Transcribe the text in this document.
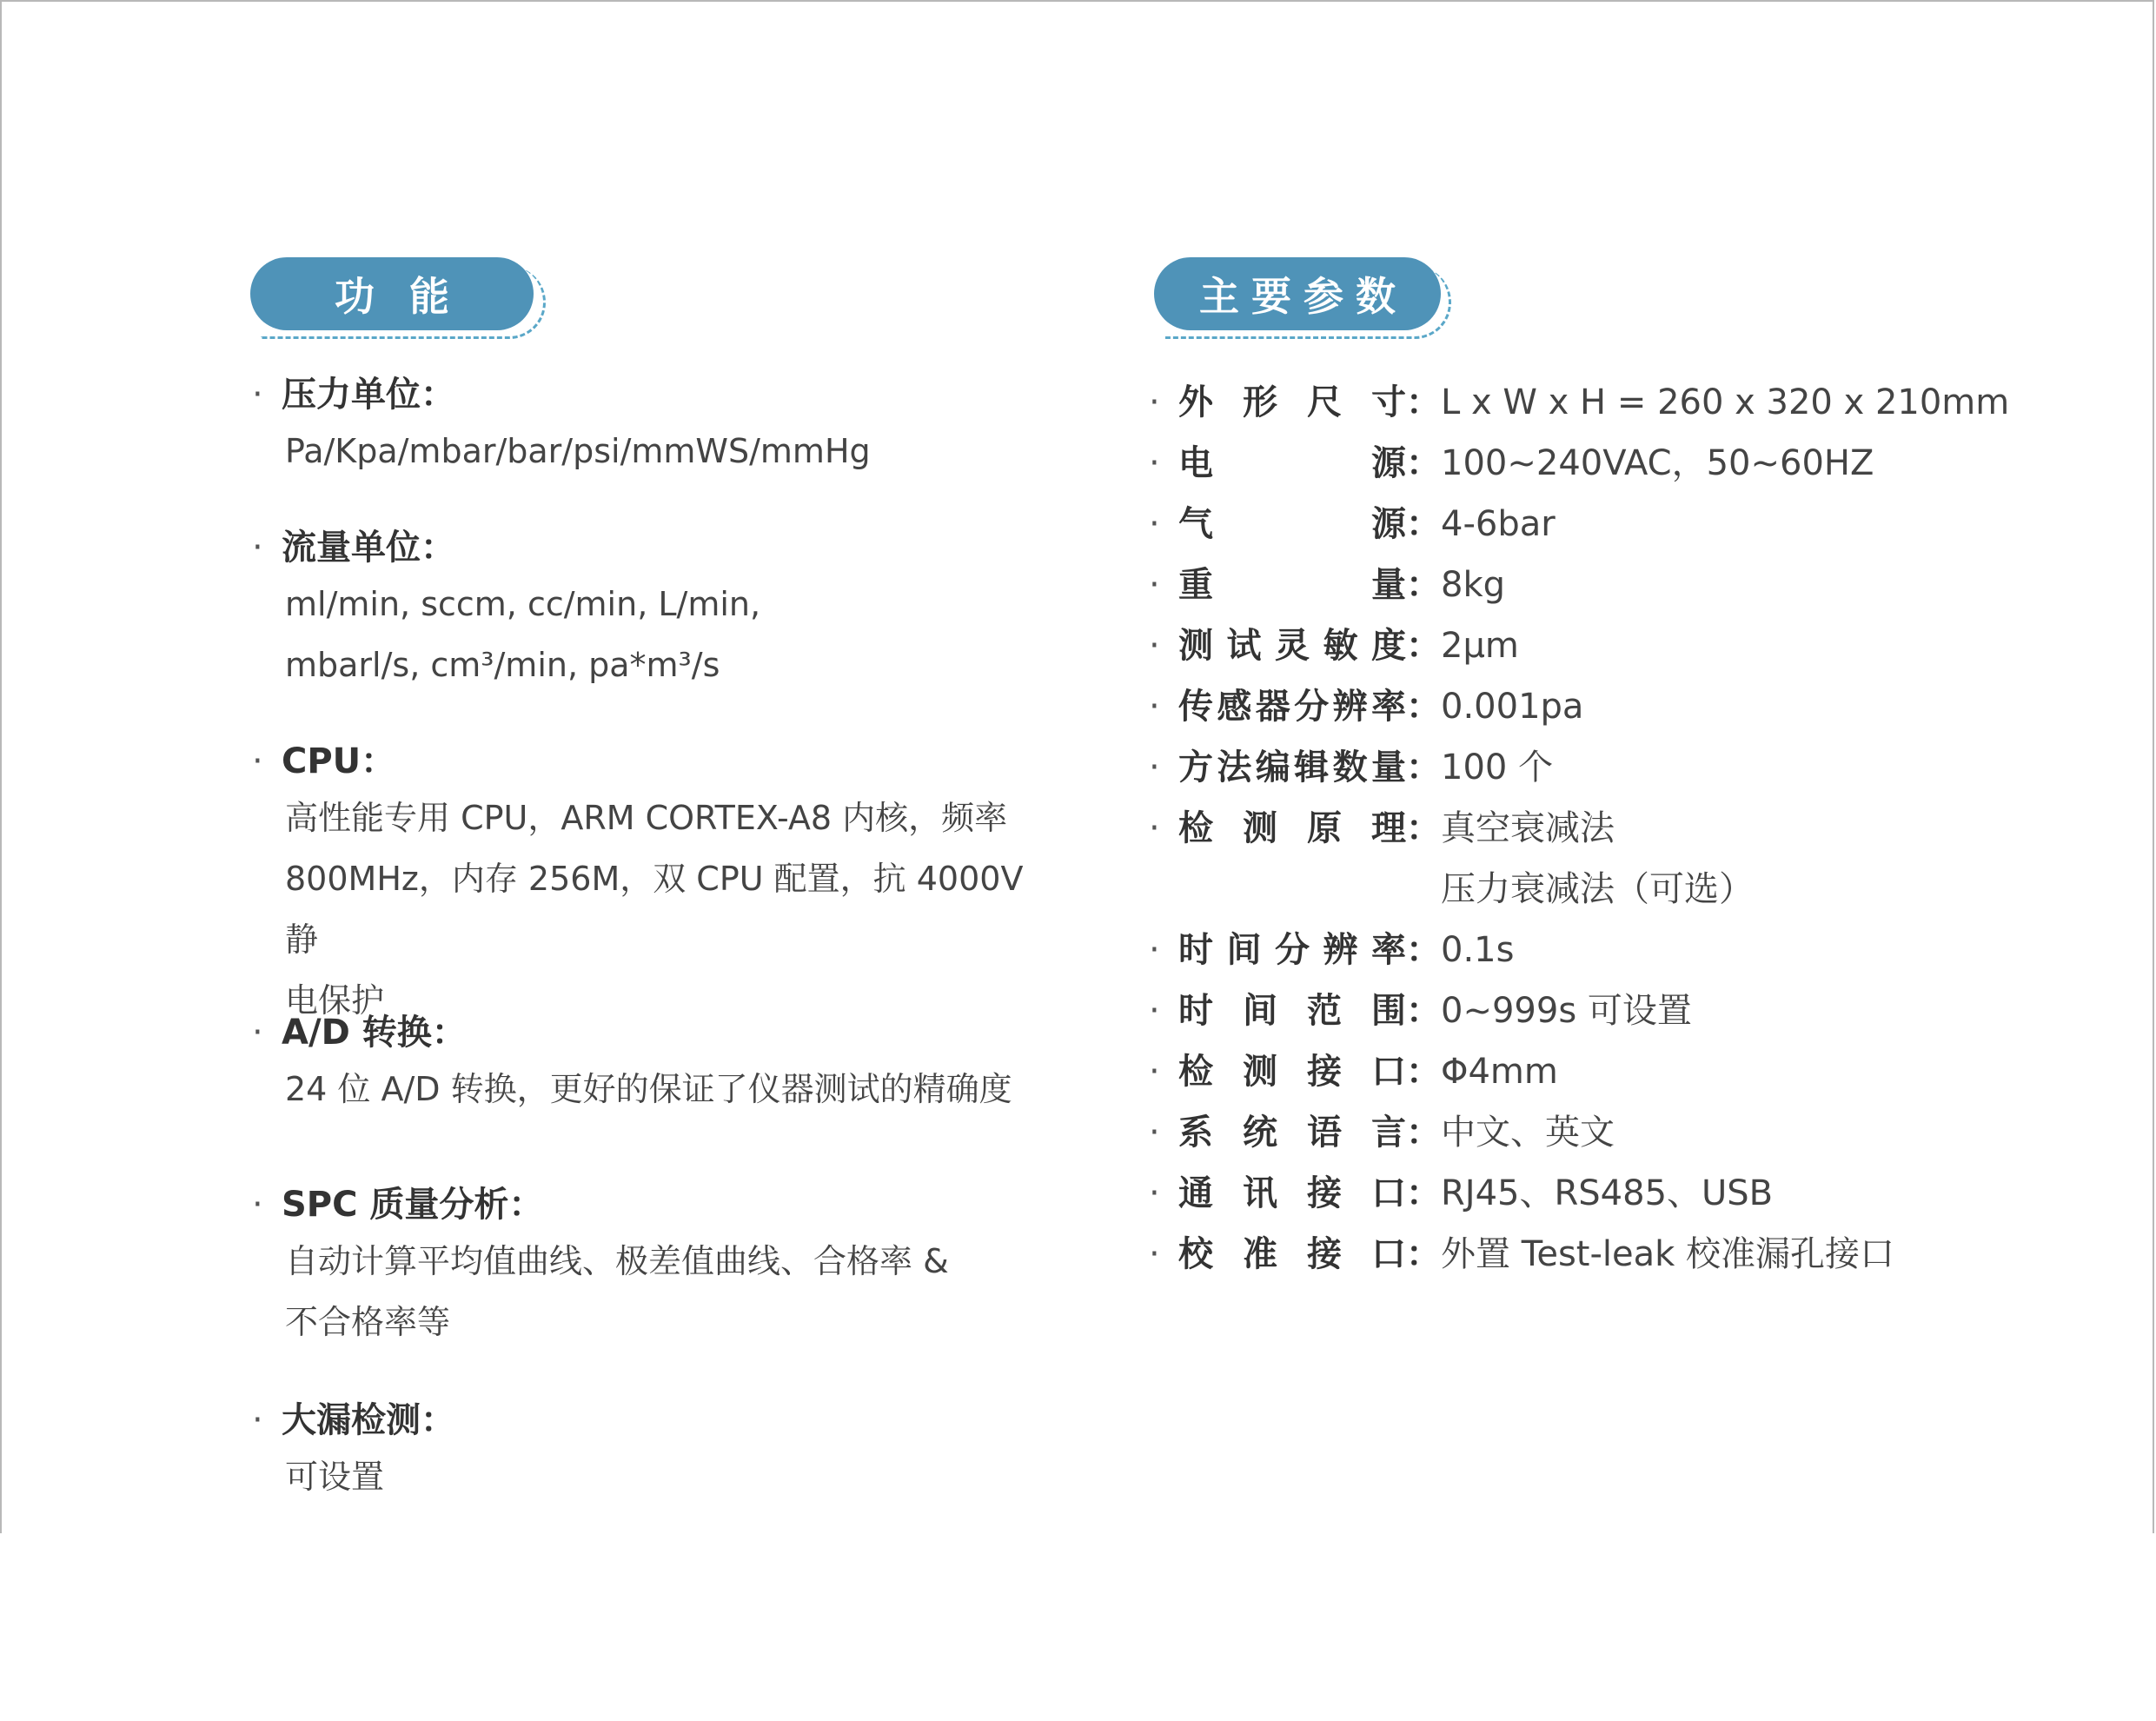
功能	主要参数
· 压力单位：
Pa/Kpa/mbar/bar/psi/mmWS/mmHg
· 流量单位：
ml/min, sccm, cc/min, L/min,
mbarl/s, cm³/min, pa*m³/s
· CPU：
高性能专用 CPU，ARM CORTEX-A8 内核，频率
800MHz，内存 256M，双 CPU 配置，抗 4000V 静
电保护
· A/D 转换：
24 位 A/D 转换，更好的保证了仪器测试的精确度
· SPC 质量分析：
自动计算平均值曲线、极差值曲线、合格率 &
不合格率等
· 大漏检测：
可设置
· 外 形 尺 寸 ： L x W x H = 260 x 320 x 210mm
· 电	源 ： 100~240VAC，50~60HZ
· 气	源 ： 4-6bar
· 重	量 ： 8kg
· 测 试 灵 敏 度 ： 2μm
· 传 感 器 分 辨 率 ： 0.001pa
· 方 法 编 辑 数 量 ： 100 个
· 检 测 原 理 ： 真空衰减法
压力衰减法（可选）
· 时 间 分 辨 率 ： 0.1s
· 时 间 范 围 ： 0~999s 可设置
· 检 测 接 口 ： Φ4mm
· 系 统 语 言 ： 中文、英文
· 通 讯 接 口 ： RJ45、RS485、USB
· 校 准 接 口 ： 外置 Test-leak 校准漏孔接口
